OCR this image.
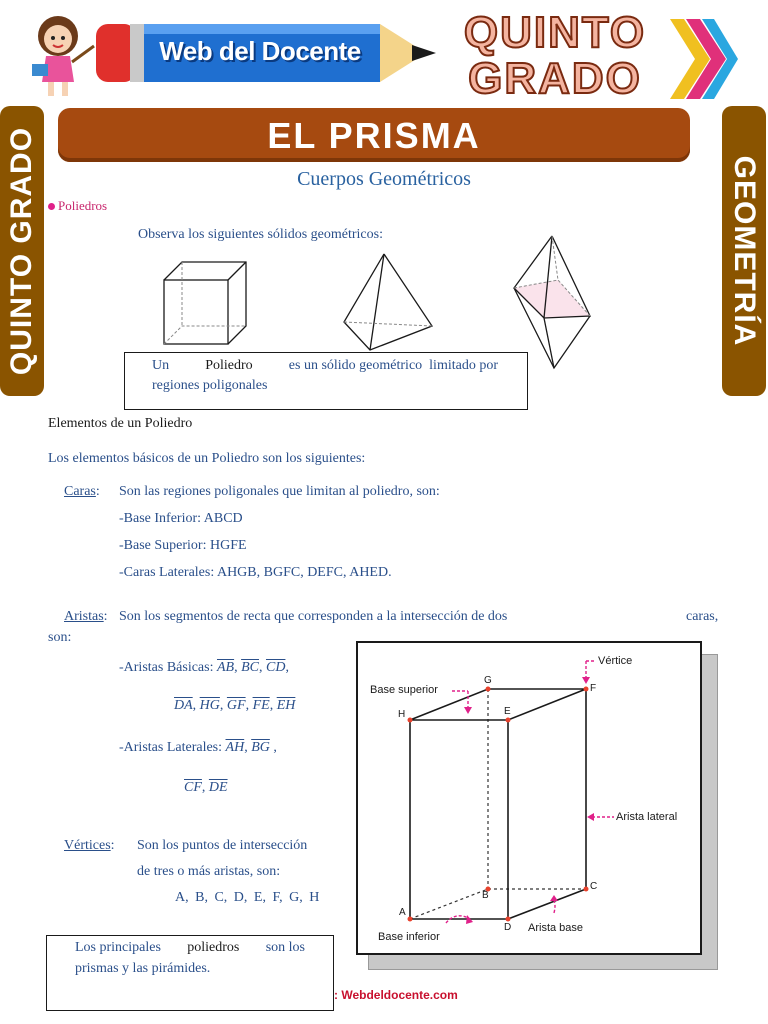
Web del Docente	QUINTO
GRADO
EL PRISMA
QUINTO GRADO	GEOMETRÍA
Cuerpos Geométricos
Poliedros
Observa los siguientes sólidos geométricos:
Un	Poliedro	es un sólido geométrico  limitado por
regiones poligonales
Elementos de un Poliedro
Los elementos básicos de un Poliedro son los siguientes:
Caras: Son las regiones poligonales que limitan al poliedro, son:
-Base Inferior: ABCD
-Base Superior: HGFE
-Caras Laterales: AHGB, BGFC, DEFC, AHED.
Aristas: Son los segmentos de recta que corresponden a la intersección de dos	caras,
son:
-Aristas Básicas: $\overline{AB}$, $\overline{BC}$, $\overline{CD}$,
$\overline{DA}$, $\overline{HG}$, $\overline{GF}$, $\overline{FE}$, $\overline{EH}$
-Aristas Laterales: $\overline{AH}$, $\overline{BG}$ ,
$\overline{CF}$, $\overline{DE}$
Vértices: Son los puntos de intersección
de tres o más aristas, son:
A, B, C, D, E, F, G, H
Los principales poliedros son los
prismas y las pirámides.
: Webdeldocente.com
H
G
F
E
A
B
C
D
Vértice
Base superior
Arista lateral
Base inferior
Arista base
